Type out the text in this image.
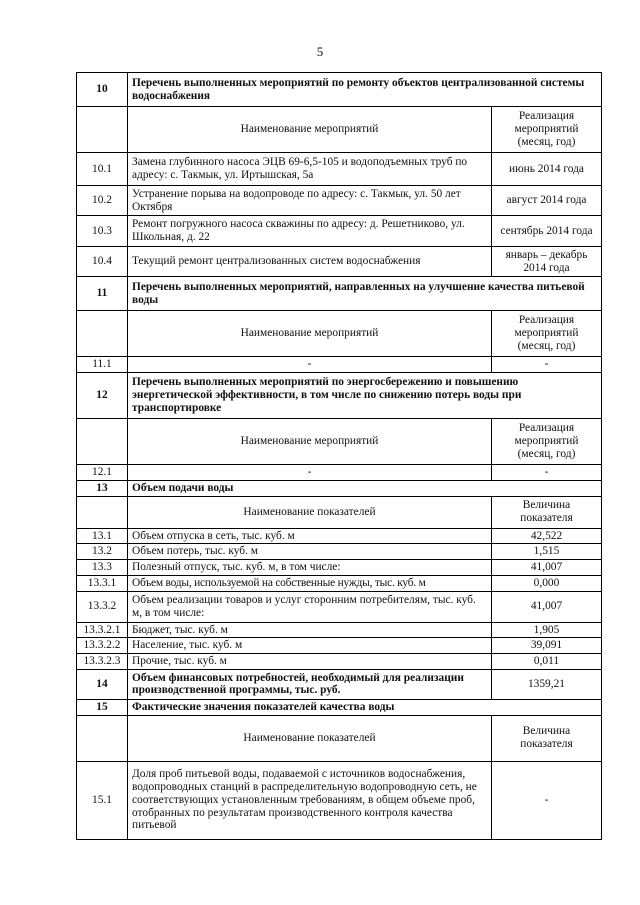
5
10	Перечень выполненных мероприятий по ремонту объектов централизованной системы водоснабжения	
	Наименование мероприятий	Реализация мероприятий (месяц, год)
10.1	Замена глубинного насоса ЭЦВ 69-6,5-105 и водоподъемных труб по адресу: с. Такмык, ул. Иртышская, 5а	июнь 2014 года
10.2	Устранение порыва на водопроводе по адресу: с. Такмык, ул. 50 лет Октября	август 2014 года
10.3	Ремонт погружного насоса скважины по адресу: д. Решетниково, ул. Школьная, д. 22	сентябрь 2014 года
10.4	Текущий ремонт централизованных систем водоснабжения	январь – декабрь 2014 года
11	Перечень выполненных мероприятий, направленных на улучшение качества питьевой воды	
	Наименование мероприятий	Реализация мероприятий (месяц, год)
11.1	-	-
12	Перечень выполненных мероприятий по энергосбережению и повышению энергетической эффективности, в том числе по снижению потерь воды при транспортировке	
	Наименование мероприятий	Реализация мероприятий (месяц, год)
12.1	-	-
13	Объем подачи воды	
	Наименование показателей	Величина показателя
13.1	Объем отпуска в сеть, тыс. куб. м	42,522
13.2	Объем потерь, тыс. куб. м	1,515
13.3	Полезный отпуск, тыс. куб. м, в том числе:	41,007
13.3.1	Объем воды, используемой на собственные нужды, тыс. куб. м	0,000
13.3.2	Объем реализации товаров и услуг сторонним потребителям, тыс. куб. м, в том числе:	41,007
13.3.2.1	Бюджет, тыс. куб. м	1,905
13.3.2.2	Население, тыс. куб. м	39,091
13.3.2.3	Прочие, тыс. куб. м	0,011
14	Объем финансовых потребностей, необходимый для реализации производственной программы, тыс. руб.	1359,21
15	Фактические значения показателей качества воды	
	Наименование показателей	Величина показателя
15.1	Доля проб питьевой воды, подаваемой с источников водоснабжения, водопроводных станций в распределительную водопроводную сеть, не соответствующих установленным требованиям, в общем объеме проб, отобранных по результатам производственного контроля качества питьевой	-
